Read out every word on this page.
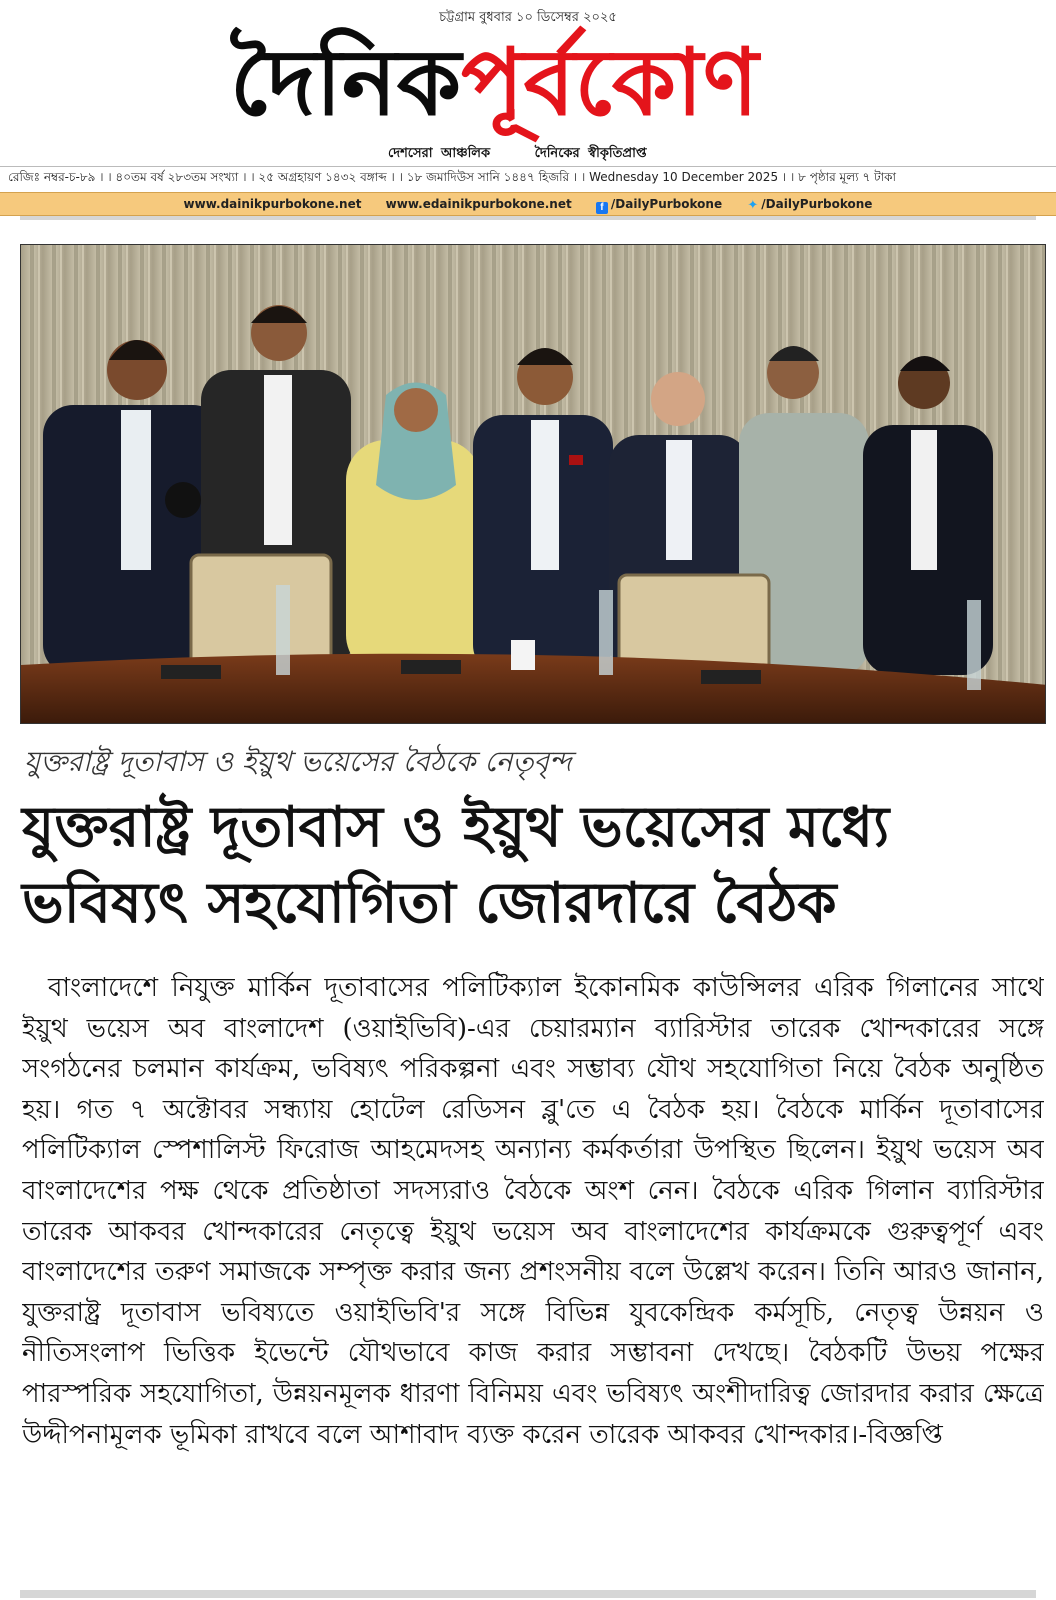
চট্টগ্রাম বুধবার ১০ ডিসেম্বর ২০২৫
দৈনিকপূর্বকোণ
দেশসেরা আঞ্চলিক	দৈনিকের স্বীকৃতিপ্রাপ্ত
রেজিঃ নম্বর-চ-৮৯ । । ৪০তম বর্ষ ২৮৩তম সংখ্যা । । ২৫ অগ্রহায়ণ ১৪৩২ বঙ্গাব্দ । । ১৮ জমাদিউস সানি ১৪৪৭ হিজরি । । Wednesday 10 December 2025 । । ৮ পৃষ্ঠার মূল্য ৭ টাকা
www.dainikpurbokone.net www.edainikpurbokone.net	f /DailyPurbokone ✦ /DailyPurbokone
যুক্তরাষ্ট্র দূতাবাস ও ইয়ুথ ভয়েসের বৈঠকে নেতৃবৃন্দ
যুক্তরাষ্ট্র দূতাবাস ও ইয়ুথ ভয়েসের মধ্যে
ভবিষ্যৎ সহযোগিতা জোরদারে বৈঠক
বাংলাদেশে নিযুক্ত মার্কিন দূতাবাসের পলিটিক্যাল ইকোনমিক কাউন্সিলর এরিক গিলানের সাথে ইয়ুথ ভয়েস অব বাংলাদেশ (ওয়াইভিবি)-এর চেয়ারম্যান ব্যারিস্টার তারেক খোন্দকারের সঙ্গে সংগঠনের চলমান কার্যক্রম, ভবিষ্যৎ পরিকল্পনা এবং সম্ভাব্য যৌথ সহযোগিতা নিয়ে বৈঠক অনুষ্ঠিত হয়। গত ৭ অক্টোবর সন্ধ্যায় হোটেল রেডিসন ব্লু'তে এ বৈঠক হয়। বৈঠকে মার্কিন দূতাবাসের পলিটিক্যাল স্পেশালিস্ট ফিরোজ আহমেদসহ অন্যান্য কর্মকর্তারা উপস্থিত ছিলেন। ইয়ুথ ভয়েস অব বাংলাদেশের পক্ষ থেকে প্রতিষ্ঠাতা সদস্যরাও বৈঠকে অংশ নেন। বৈঠকে এরিক গিলান ব্যারিস্টার তারেক আকবর খোন্দকারের নেতৃত্বে ইয়ুথ ভয়েস অব বাংলাদেশের কার্যক্রমকে গুরুত্বপূর্ণ এবং বাংলাদেশের তরুণ সমাজকে সম্পৃক্ত করার জন্য প্রশংসনীয় বলে উল্লেখ করেন। তিনি আরও জানান, যুক্তরাষ্ট্র দূতাবাস ভবিষ্যতে ওয়াইভিবি'র সঙ্গে বিভিন্ন যুবকেন্দ্রিক কর্মসূচি, নেতৃত্ব উন্নয়ন ও নীতিসংলাপ ভিত্তিক ইভেন্টে যৌথভাবে কাজ করার সম্ভাবনা দেখছে। বৈঠকটি উভয় পক্ষের পারস্পরিক সহযোগিতা, উন্নয়নমূলক ধারণা বিনিময় এবং ভবিষ্যৎ অংশীদারিত্ব জোরদার করার ক্ষেত্রে উদ্দীপনামূলক ভূমিকা রাখবে বলে আশাবাদ ব্যক্ত করেন তারেক আকবর খোন্দকার।-বিজ্ঞপ্তি
